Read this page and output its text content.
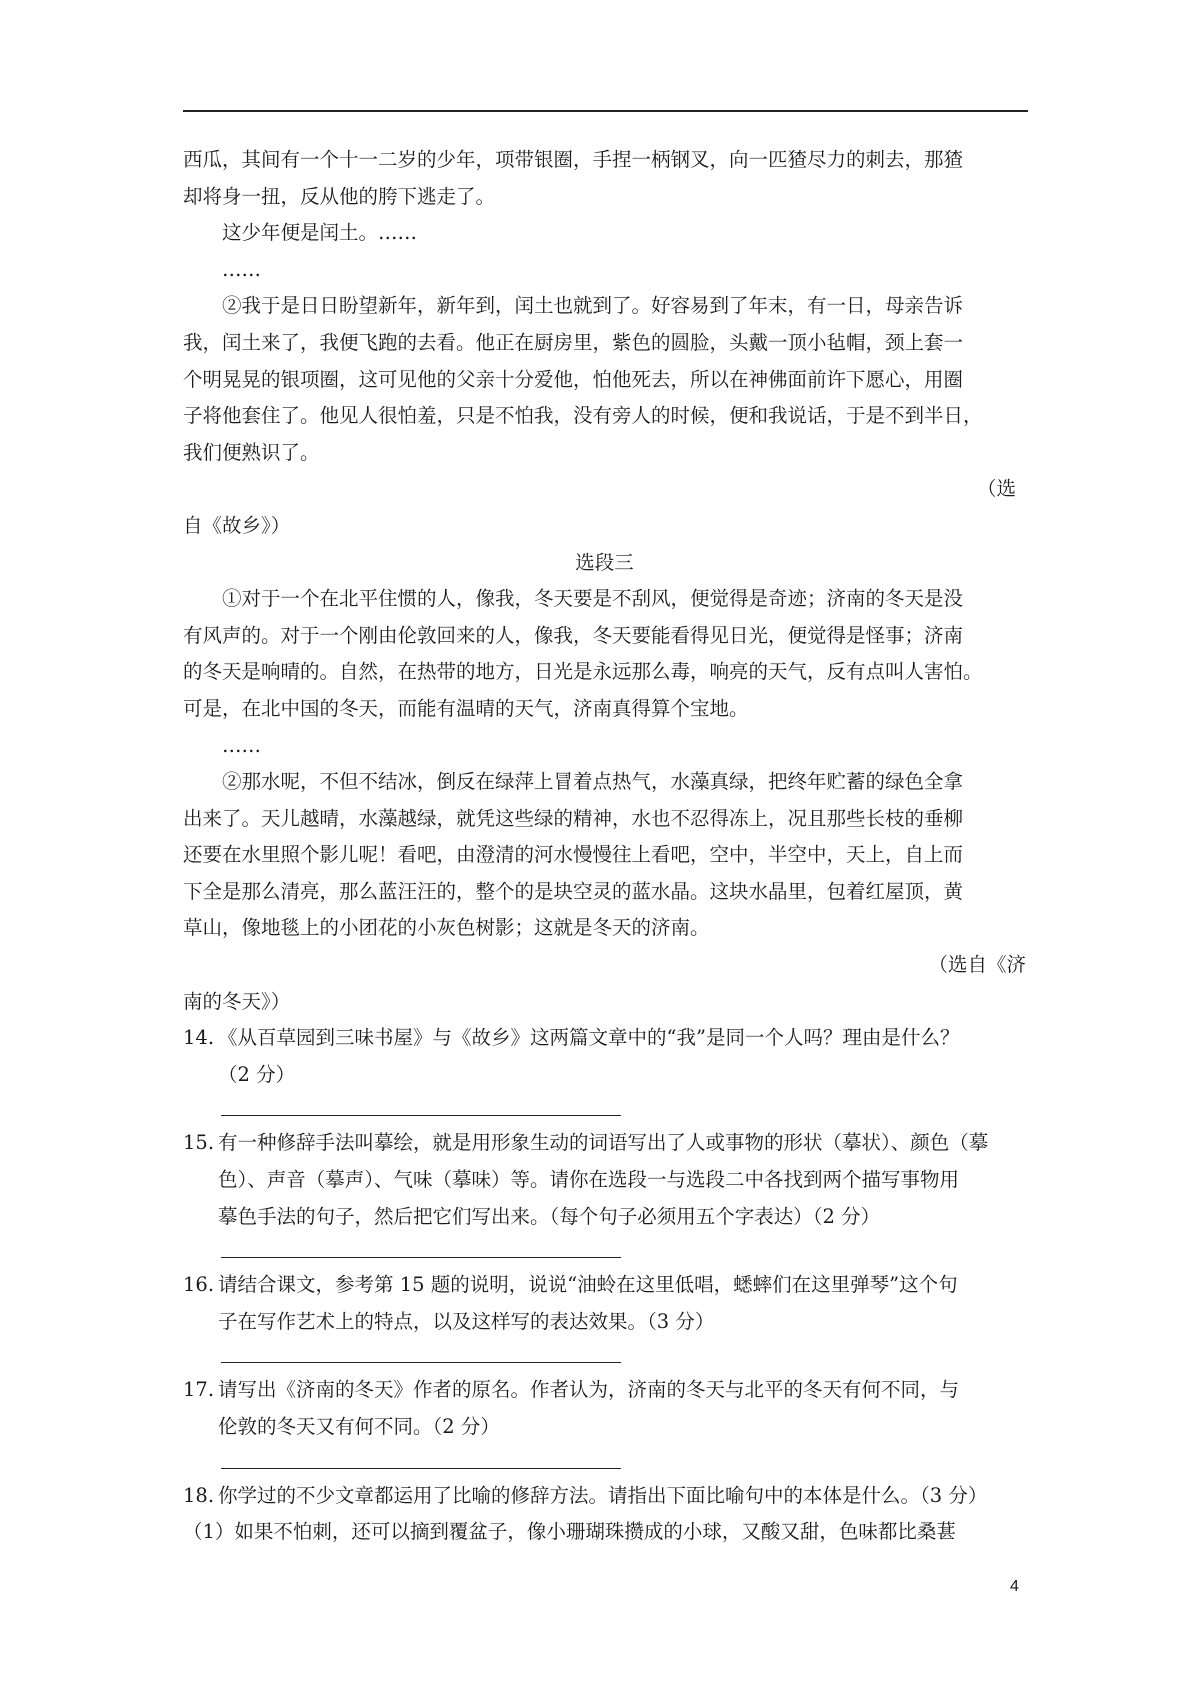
西瓜，其间有一个十一二岁的少年，项带银圈，手捏一柄钢叉，向一匹猹尽力的刺去，那猹

却将身一扭，反从他的胯下逃走了。

这少年便是闰土。……

……

②我于是日日盼望新年，新年到，闰土也就到了。好容易到了年末，有一日，母亲告诉

我，闰土来了，我便飞跑的去看。他正在厨房里，紫色的圆脸，头戴一顶小毡帽，颈上套一

个明晃晃的银项圈，这可见他的父亲十分爱他，怕他死去，所以在神佛面前许下愿心，用圈

子将他套住了。他见人很怕羞，只是不怕我，没有旁人的时候，便和我说话，于是不到半日，

我们便熟识了。

（选

自《故乡》）

选段三

①对于一个在北平住惯的人，像我，冬天要是不刮风，便觉得是奇迹；济南的冬天是没

有风声的。对于一个刚由伦敦回来的人，像我，冬天要能看得见日光，便觉得是怪事；济南

的冬天是响晴的。自然，在热带的地方，日光是永远那么毒，响亮的天气，反有点叫人害怕。

可是，在北中国的冬天，而能有温晴的天气，济南真得算个宝地。

……

②那水呢，不但不结冰，倒反在绿萍上冒着点热气，水藻真绿，把终年贮蓄的绿色全拿

出来了。天儿越晴，水藻越绿，就凭这些绿的精神，水也不忍得冻上，况且那些长枝的垂柳

还要在水里照个影儿呢！看吧，由澄清的河水慢慢往上看吧，空中，半空中，天上，自上而

下全是那么清亮，那么蓝汪汪的，整个的是块空灵的蓝水晶。这块水晶里，包着红屋顶，黄

草山，像地毯上的小团花的小灰色树影；这就是冬天的济南。

（选自《济

南的冬天》）

14. 《从百草园到三味书屋》与《故乡》这两篇文章中的“我”是同一个人吗？理由是什么？
（2 分）
15. 有一种修辞手法叫摹绘，就是用形象生动的词语写出了人或事物的形状（摹状）、颜色（摹
色）、声音（摹声）、气味（摹味）等。请你在选段一与选段二中各找到两个描写事物用
摹色手法的句子，然后把它们写出来。（每个句子必须用五个字表达）（2 分）
16. 请结合课文，参考第 15 题的说明，说说“油蛉在这里低唱，蟋蟀们在这里弹琴”这个句
子在写作艺术上的特点，以及这样写的表达效果。（3 分）
17. 请写出《济南的冬天》作者的原名。作者认为，济南的冬天与北平的冬天有何不同，与
伦敦的冬天又有何不同。（2 分）
18. 你学过的不少文章都运用了比喻的修辞方法。请指出下面比喻句中的本体是什么。（3 分）

（1）如果不怕刺，还可以摘到覆盆子，像小珊瑚珠攒成的小球，又酸又甜，色味都比桑葚

4
